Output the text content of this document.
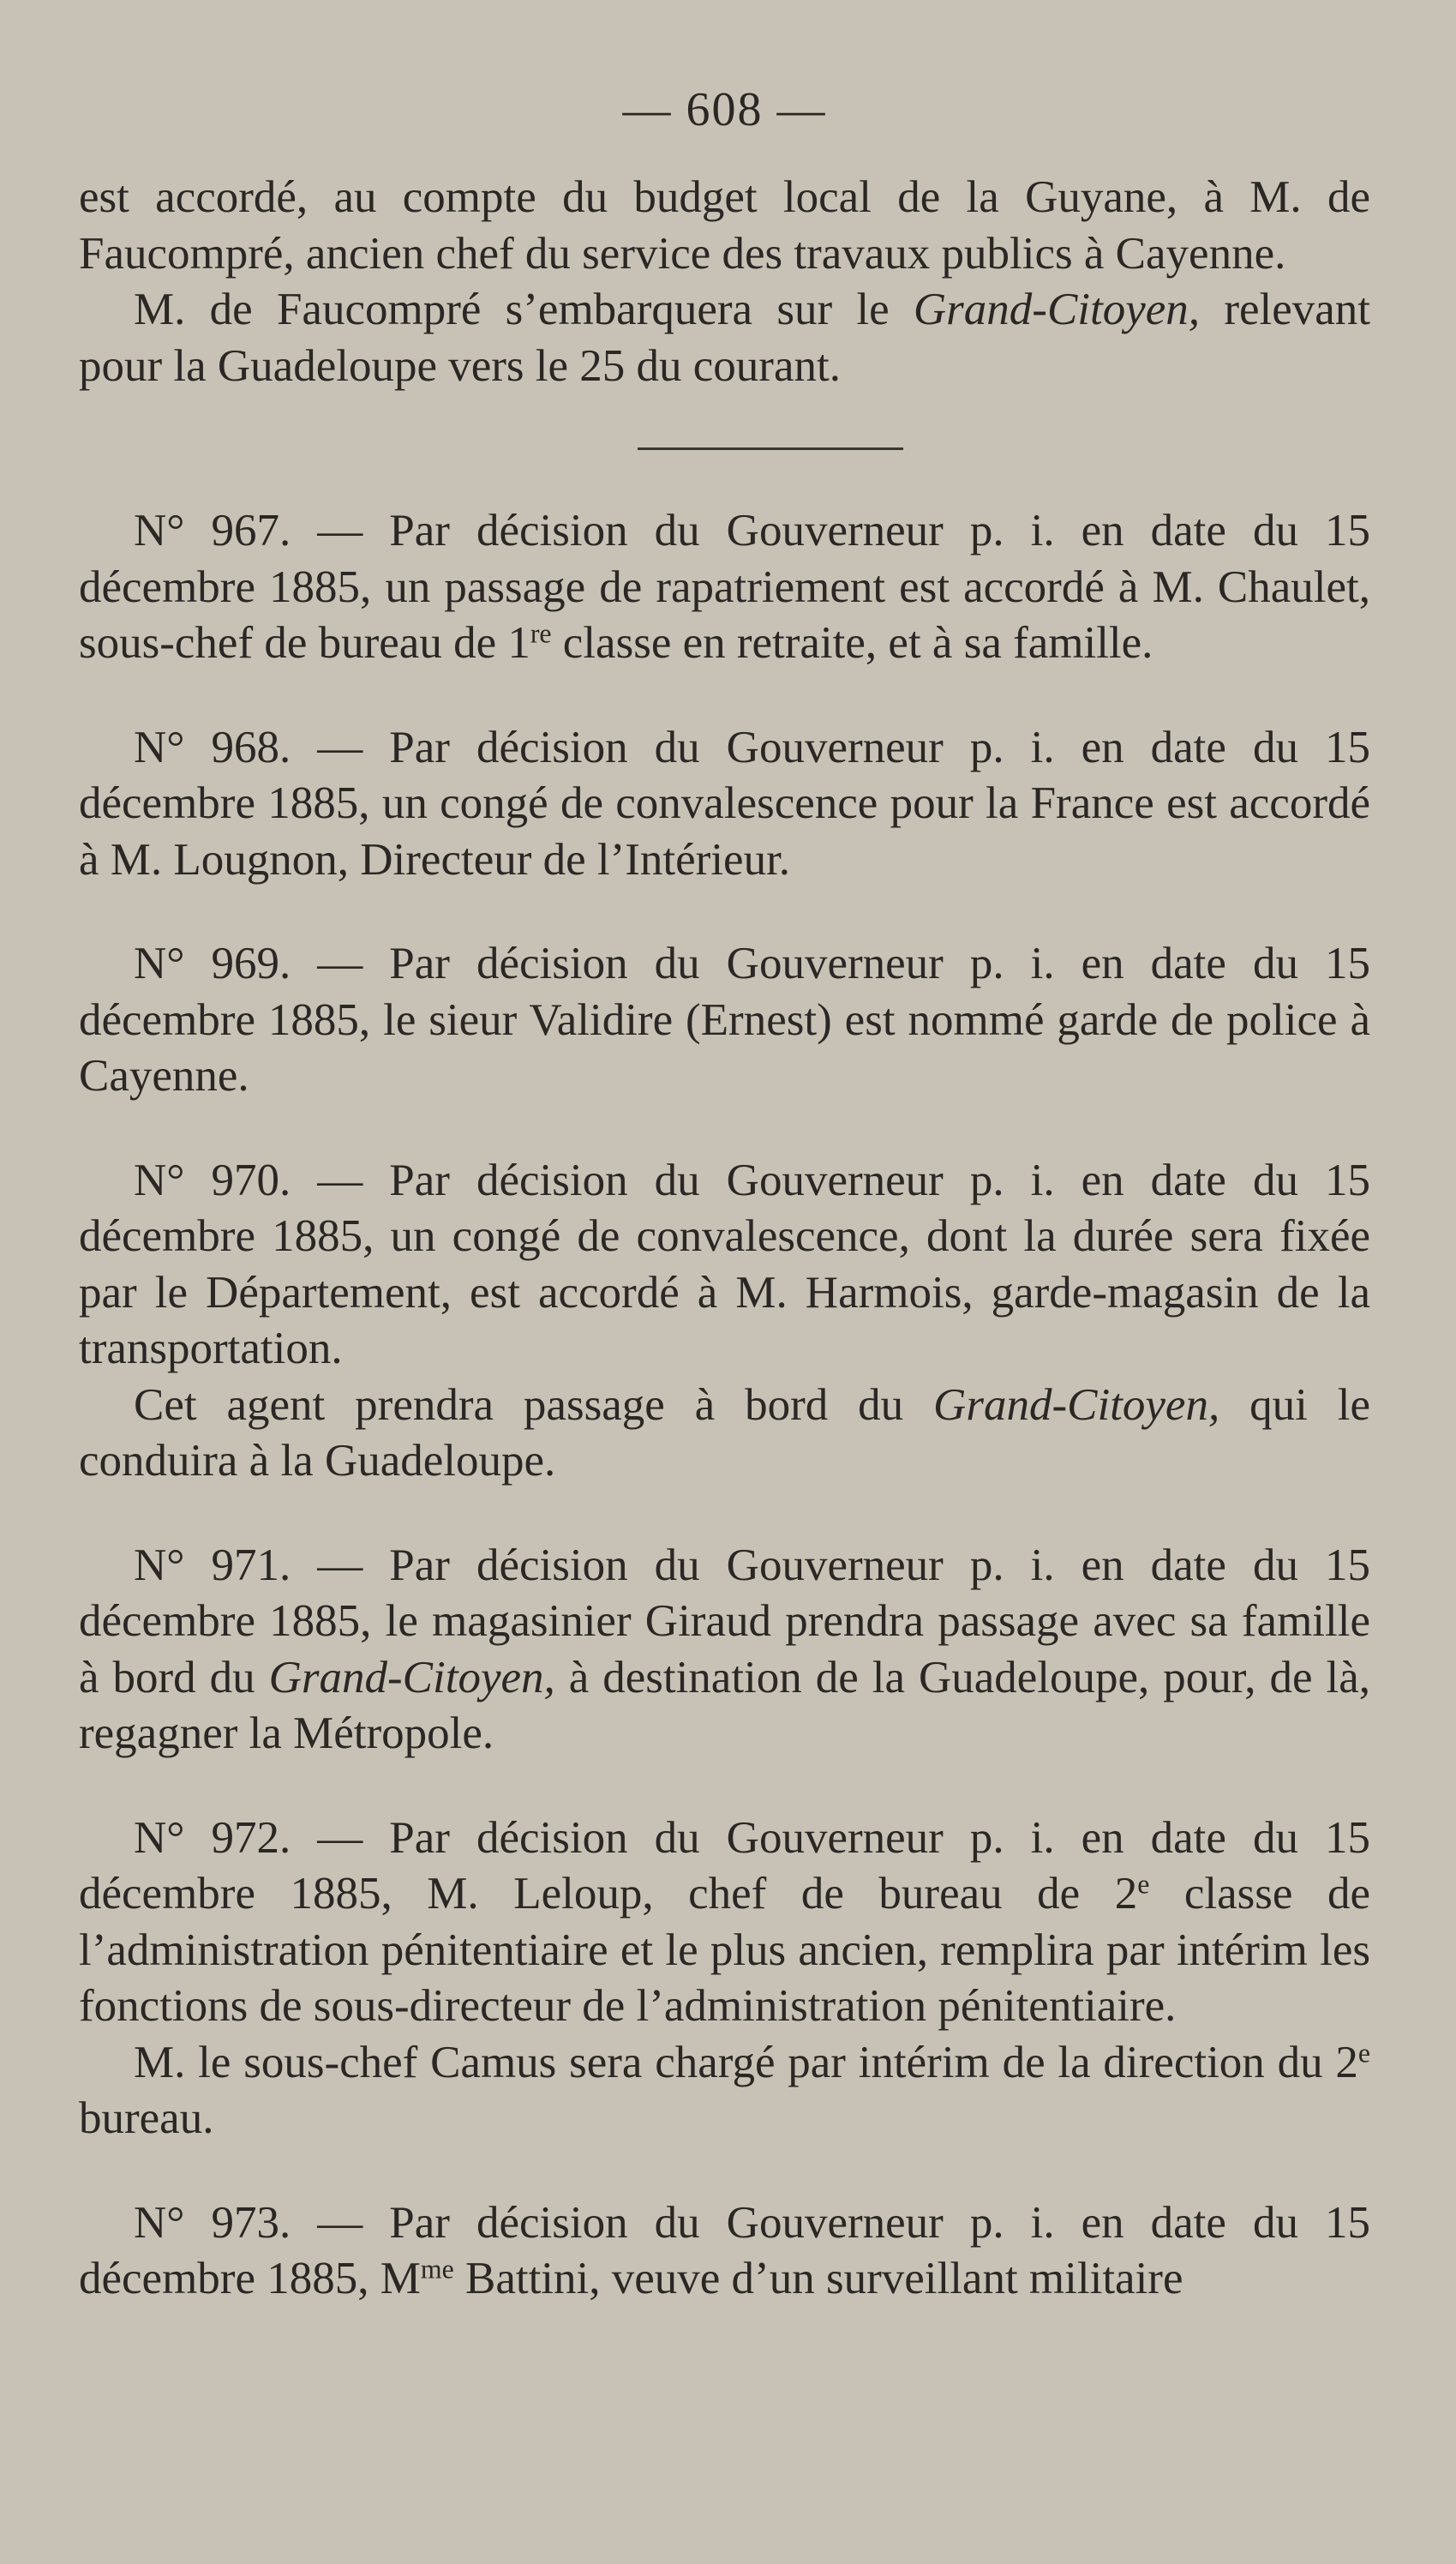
— 608 —

est accordé, au compte du budget local de la Guyane, à M. de Faucompré, ancien chef du service des travaux publics à Cayenne.

M. de Faucompré s’embarquera sur le Grand-Citoyen, relevant pour la Guadeloupe vers le 25 du courant.

N° 967. — Par décision du Gouverneur p. i. en date du 15 décembre 1885, un passage de rapatriement est accordé à M. Chaulet, sous-chef de bureau de 1re classe en retraite, et à sa famille.

N° 968. — Par décision du Gouverneur p. i. en date du 15 décembre 1885, un congé de convalescence pour la France est accordé à M. Lougnon, Directeur de l’Intérieur.

N° 969. — Par décision du Gouverneur p. i. en date du 15 décembre 1885, le sieur Validire (Ernest) est nommé garde de police à Cayenne.

N° 970. — Par décision du Gouverneur p. i. en date du 15 décembre 1885, un congé de convalescence, dont la durée sera fixée par le Département, est accordé à M. Harmois, garde-magasin de la transportation.

Cet agent prendra passage à bord du Grand-Citoyen, qui le conduira à la Guadeloupe.

N° 971. — Par décision du Gouverneur p. i. en date du 15 décembre 1885, le magasinier Giraud prendra passage avec sa famille à bord du Grand-Citoyen, à destination de la Guadeloupe, pour, de là, regagner la Métropole.

N° 972. — Par décision du Gouverneur p. i. en date du 15 décembre 1885, M. Leloup, chef de bureau de 2e classe de l’administration pénitentiaire et le plus ancien, remplira par intérim les fonctions de sous-directeur de l’administration pénitentiaire.

M. le sous-chef Camus sera chargé par intérim de la direction du 2e bureau.

N° 973. — Par décision du Gouverneur p. i. en date du 15 décembre 1885, $M^{me}$ Battini, veuve d’un surveillant militaire
